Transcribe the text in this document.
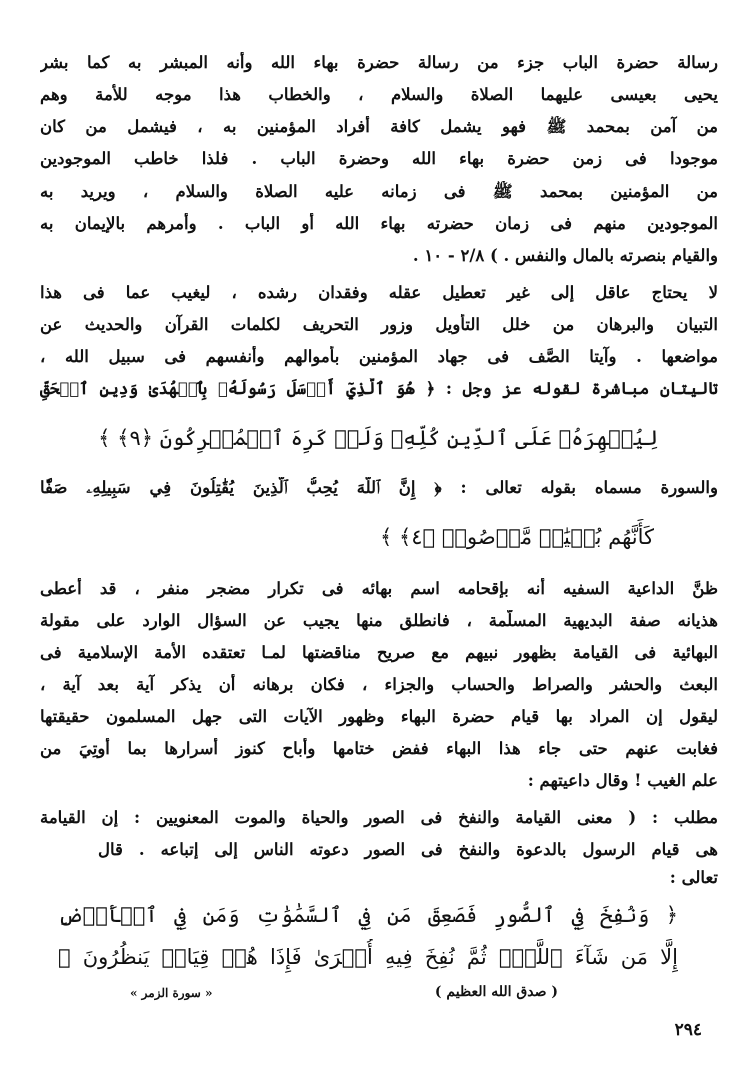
رسالة حضرة الباب جزء من رسالة حضرة بهاء الله وأنه المبشر به كما بشر
يحيى بعيسى عليهما الصلاة والسلام ، والخطاب هذا موجه للأمة وهم
من آمن بمحمد ﷺ فهو يشمل كافة أفراد المؤمنين به ، فيشمل من كان
موجودا فى زمن حضرة بهاء الله وحضرة الباب . فلذا خاطب الموجودين
من المؤمنين بمحمد ﷺ فى زمانه عليه الصلاة والسلام ، ويريد به
الموجودين منهم فى زمان حضرته بهاء الله أو الباب . وأمرهم بالإيمان به
والقيام بنصرته بالمال والنفس . ) ٢/٨ - ١٠ .
لا يحتاج عاقل إلى غير تعطيل عقله وفقدان رشده ، ليغيب عما فى هذا
التبيان والبرهان من خلل التأويل وزور التحريف لكلمات القرآن والحديث عن
مواضعها . وآيتا الصَّف فى جهاد المؤمنين بأموالهم وأنفسهم فى سبيل الله ،
تاليتان مباشرة لقوله عز وجل : ﴿ هُوَ ٱلَّذِيٓ أَرۡسَلَ رَسُولَهُۥ بِٱلۡهُدَىٰ وَدِينِ ٱلۡحَقِّ
لِيُظۡهِرَهُۥ عَلَى ٱلدِّينِ كُلِّهِۦ وَلَوۡ كَرِهَ ٱلۡمُشۡرِكُونَ ﴿٩﴾ ﴾
والسورة مسماه بقوله تعالى : ﴿ إِنَّ ٱللَّهَ يُحِبُّ ٱلَّذِينَ يُقَٰتِلُونَ فِي سَبِيلِهِۦ صَفّٗا
كَأَنَّهُم بُنۡيَٰنٞ مَّرۡصُوصٞ ﴿٤﴾ ﴾
ظنَّ الداعية السفيه أنه بإقحامه اسم بهائه فى تكرار مضجر منفر ، قد أعطى
هذيانه صفة البديهية المسلَّمة ، فانطلق منها يجيب عن السؤال الوارد على مقولة
البهائية فى القيامة بظهور نبيهم مع صريح مناقضتها لمـا تعتقده الأمة الإسلامية فى
البعث والحشر والصراط والحساب والجزاء ، فكان برهانه أن يذكر آية بعد آية ،
ليقول إن المراد بها قيام حضرة البهاء وظهور الآيات التى جهل المسلمون حقيقتها
فغابت عنهم حتى جاء هذا البهاء ففض ختامها وأباح كنوز أسرارها بما أُوتِيَ من
علم الغيب ! وقال داعيتهم :
مطلب : ( معنى القيامة والنفخ فى الصور والحياة والموت المعنويين : إن القيامة
هى قيام الرسول بالدعوة والنفخ فى الصور دعوته الناس إلى إتباعه . قال
تعالى :
﴿ وَنُفِخَ فِي ٱلصُّورِ فَصَعِقَ مَن فِي ٱلسَّمَٰوَٰتِ وَمَن فِي ٱلۡأَرۡضِ
إِلَّا مَن شَآءَ ٱللَّهُۖ ثُمَّ نُفِخَ فِيهِ أُخۡرَىٰ فَإِذَا هُمۡ قِيَامٞ يَنظُرُونَ ﴾
( صدق الله العظيم )
« سورة الزمر »
٢٩٤
